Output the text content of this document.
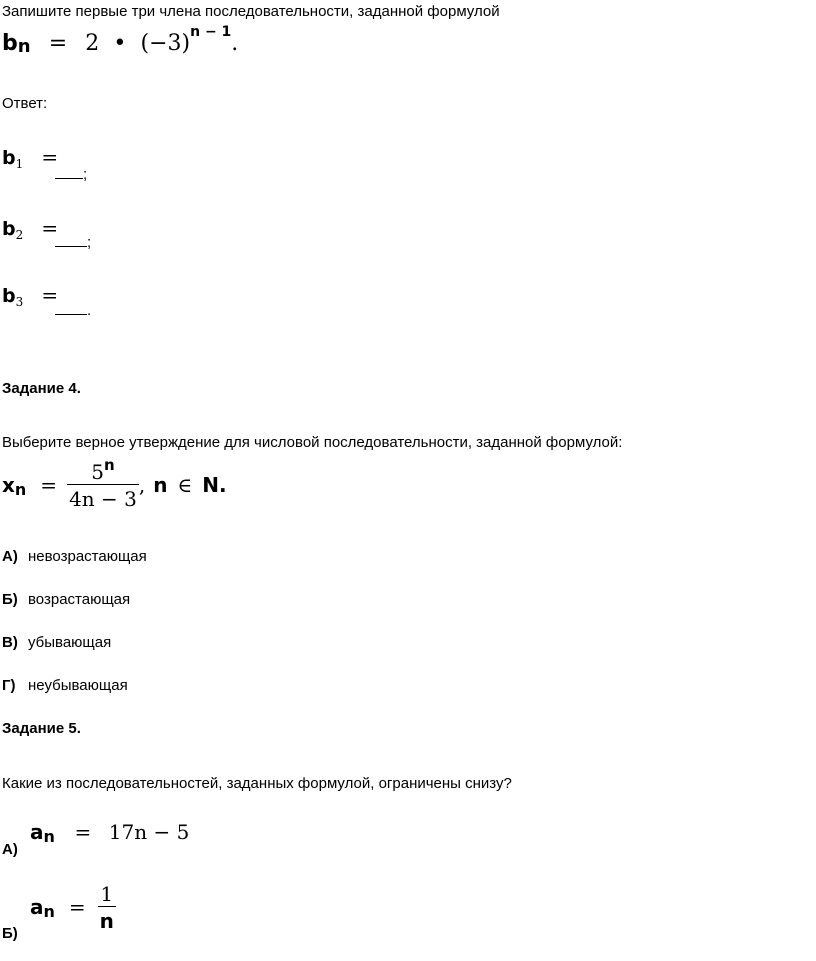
Запишите первые три члена последовательности, заданной формулой
bn = 2 • $(-3)^{n - 1}$.
Ответ:
$b_1$ =
;
$b_2$ =
;
$b_3$ =
.
Задание 4.
Выберите верное утверждение для числовой последовательности, заданной формулой:
x $n = \frac{5^n}{4n - 3}$ , n ∈ N.
А) невозрастающая
Б) возрастающая
В) убывающая
Г) неубывающая
Задание 5.
Какие из последовательностей, заданных формулой, ограничены снизу?
А)
an = 17n − 5
Б)
a $n = \frac{1}{n}$
